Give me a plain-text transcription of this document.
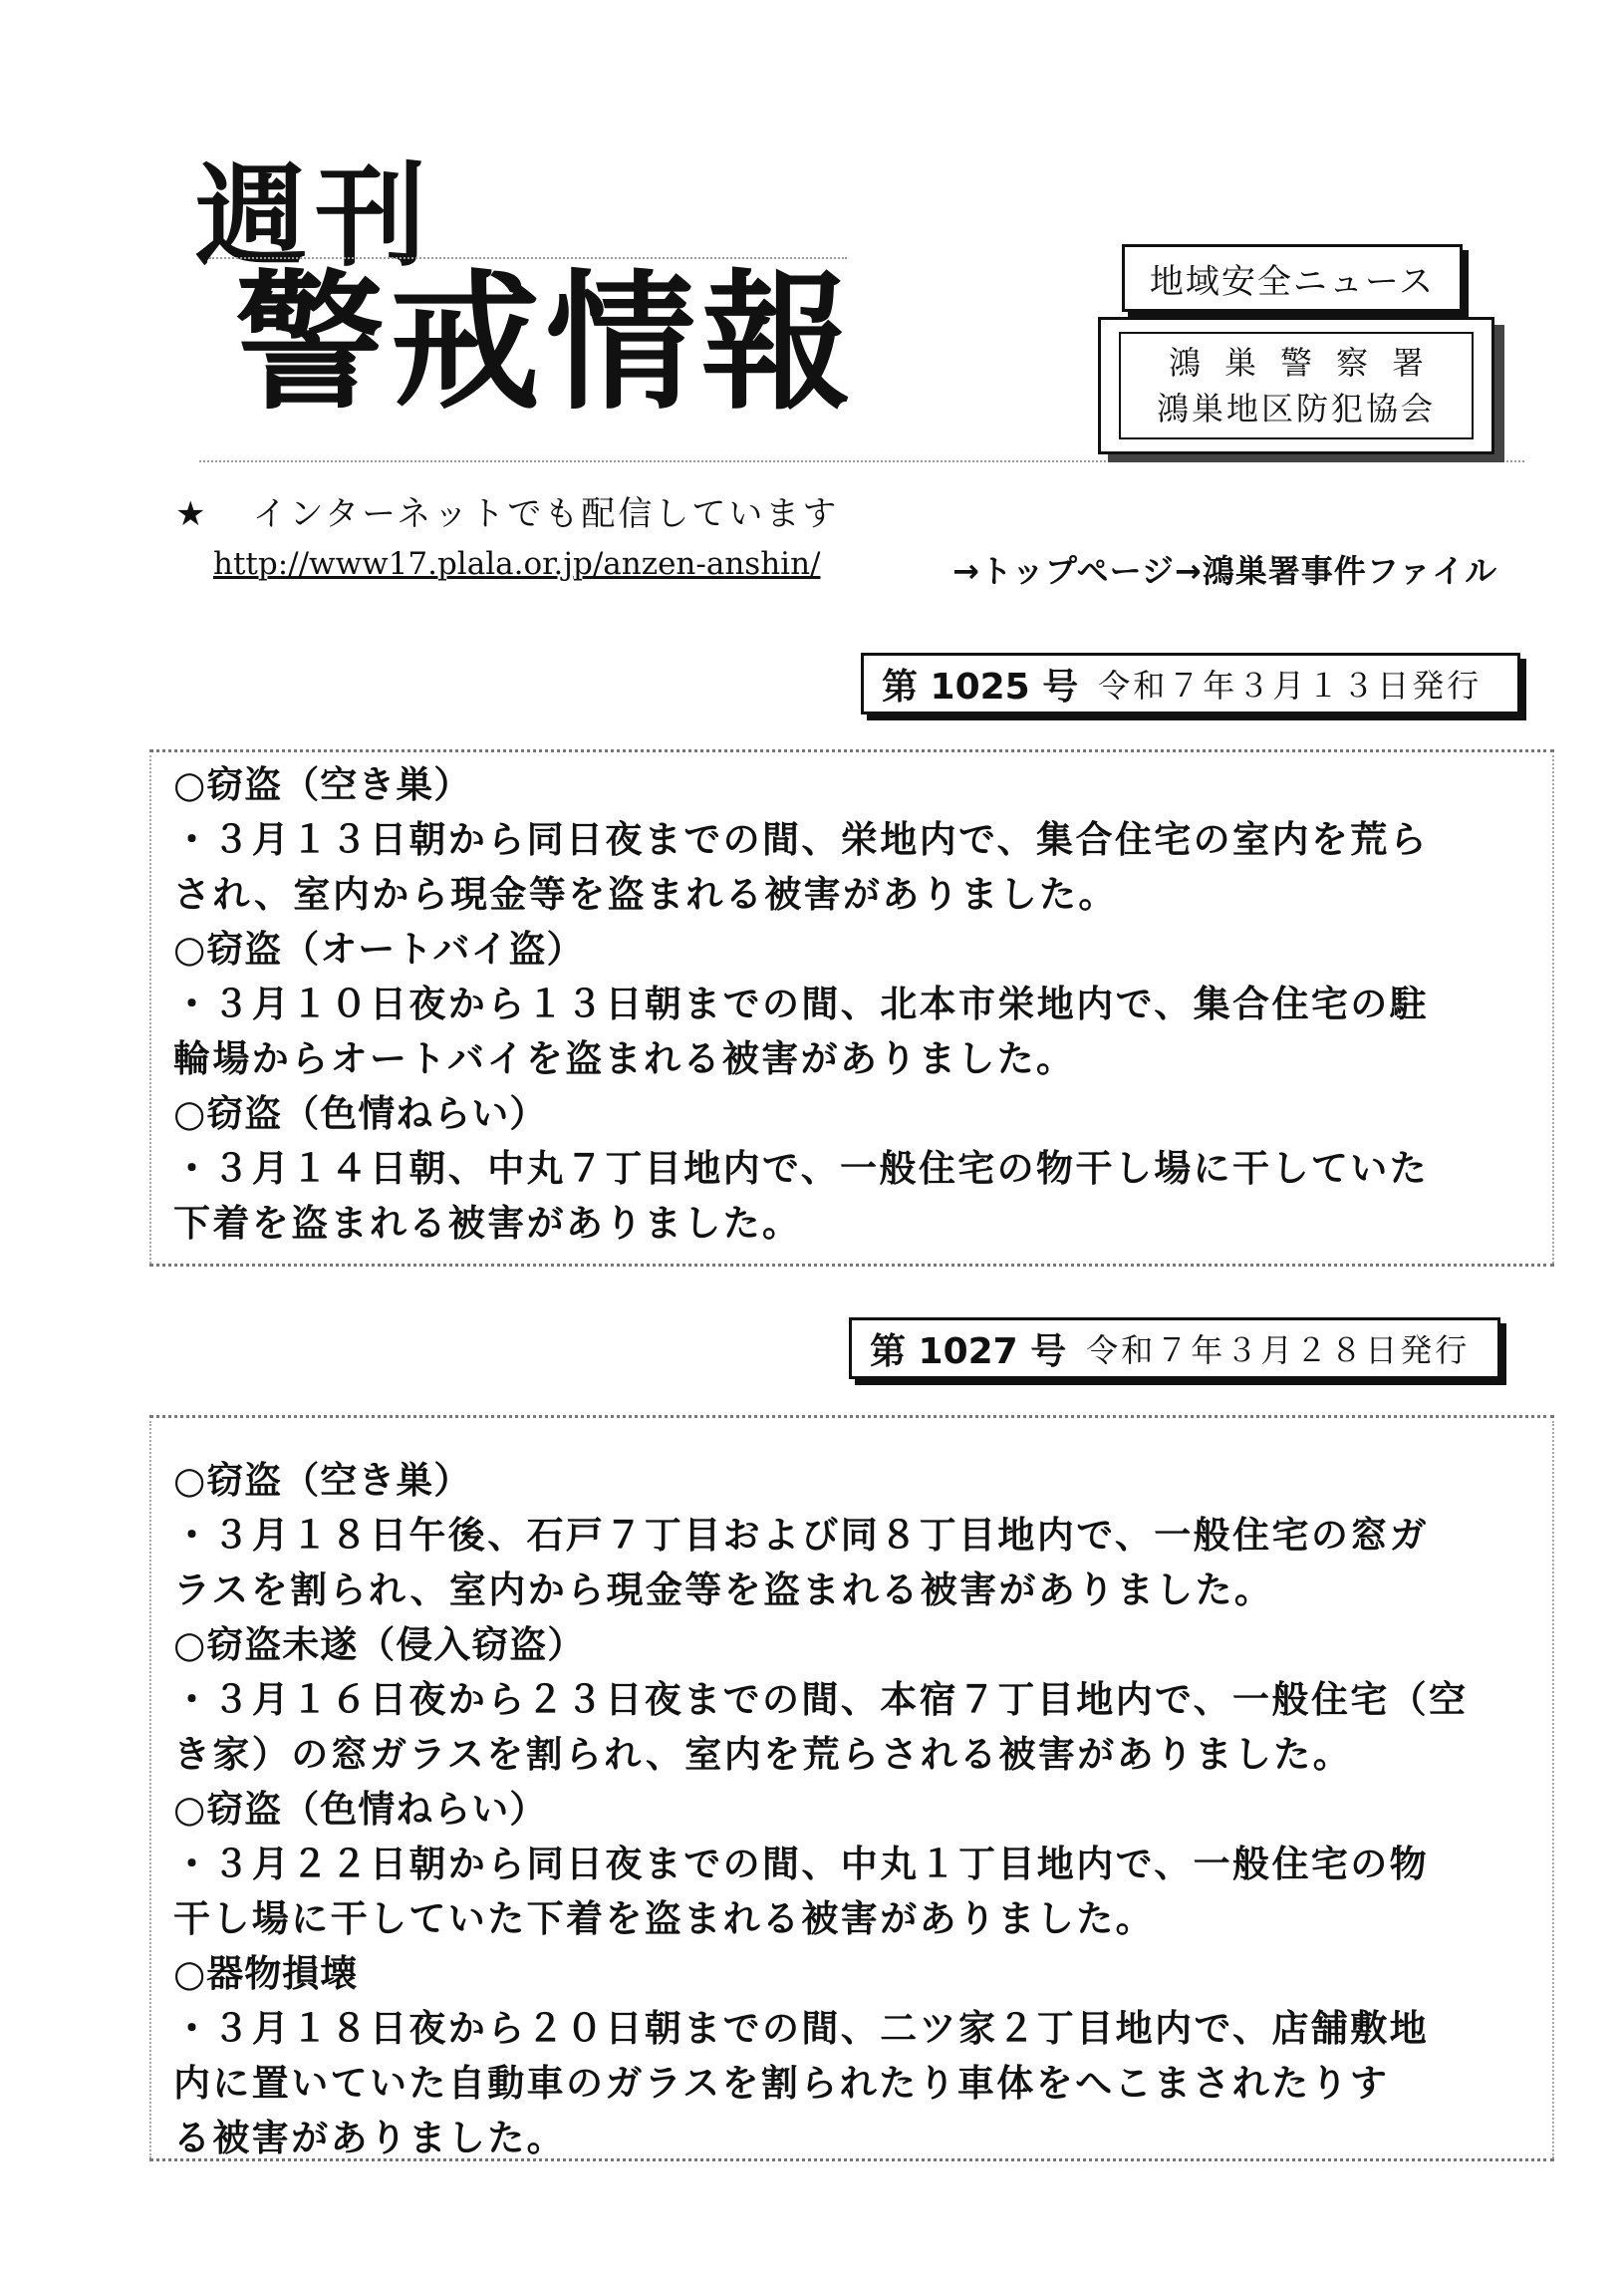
週刊
警戒情報	地域安全ニュース
鴻巣警察署
鴻巣地区防犯協会
★ インターネットでも配信しています
http://www17.plala.or.jp/anzen-anshin/	→トップページ→鴻巣署事件ファイル
第 1025 号 令和７年３月１３日発行
○窃盗（空き巣）
・３月１３日朝から同日夜までの間、栄地内で、集合住宅の室内を荒ら
され、室内から現金等を盗まれる被害がありました。
○窃盗（オートバイ盗）
・３月１０日夜から１３日朝までの間、北本市栄地内で、集合住宅の駐
輪場からオートバイを盗まれる被害がありました。
○窃盗（色情ねらい）
・３月１４日朝、中丸７丁目地内で、一般住宅の物干し場に干していた
下着を盗まれる被害がありました。
第 1027 号 令和７年３月２８日発行
○窃盗（空き巣）
・３月１８日午後、石戸７丁目および同８丁目地内で、一般住宅の窓ガ
ラスを割られ、室内から現金等を盗まれる被害がありました。
○窃盗未遂（侵入窃盗）
・３月１６日夜から２３日夜までの間、本宿７丁目地内で、一般住宅（空
き家）の窓ガラスを割られ、室内を荒らされる被害がありました。
○窃盗（色情ねらい）
・３月２２日朝から同日夜までの間、中丸１丁目地内で、一般住宅の物
干し場に干していた下着を盗まれる被害がありました。
○器物損壊
・３月１８日夜から２０日朝までの間、二ツ家２丁目地内で、店舗敷地
内に置いていた自動車のガラスを割られたり車体をへこまされたりす
る被害がありました。
